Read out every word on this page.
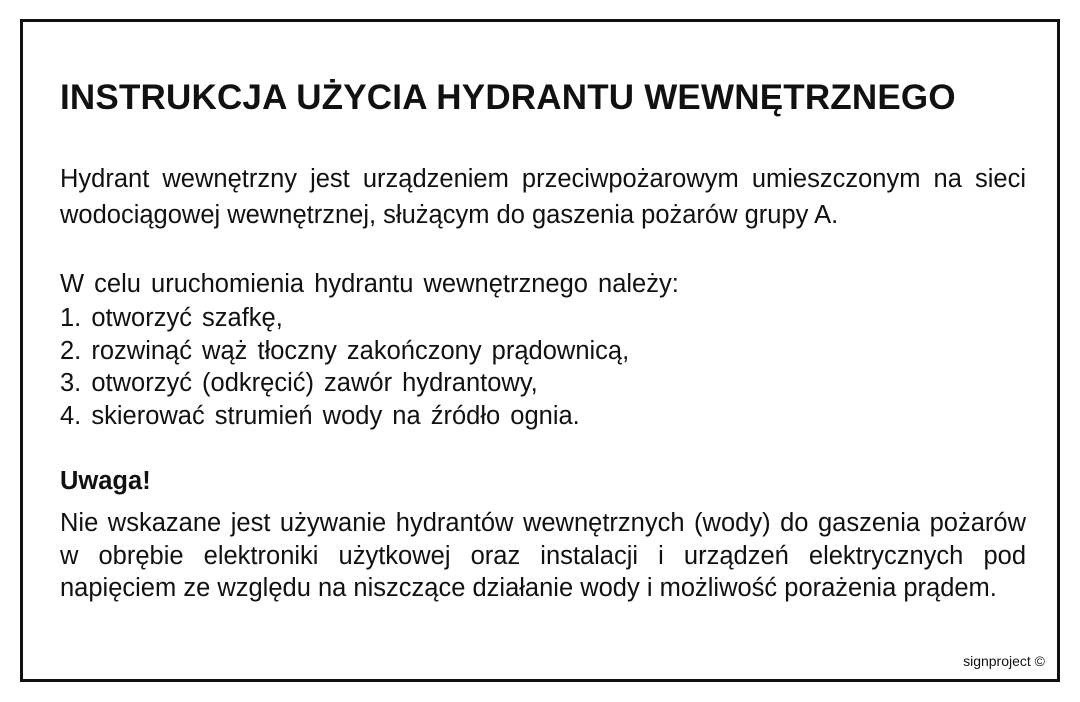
INSTRUKCJA UŻYCIA HYDRANTU WEWNĘTRZNEGO

Hydrant wewnętrzny jest urządzeniem przeciwpożarowym umieszczonym na sieci wodociągowej wewnętrznej, służącym do gaszenia pożarów grupy A.

W celu uruchomienia hydrantu wewnętrznego należy:

1. otworzyć szafkę,
2. rozwinąć wąż tłoczny zakończony prądownicą,
3. otworzyć (odkręcić) zawór hydrantowy,
4. skierować strumień wody na źródło ognia.
Uwaga!

Nie wskazane jest używanie hydrantów wewnętrznych (wody) do gaszenia pożarów w obrębie elektroniki użytkowej oraz instalacji i urządzeń elektrycznych pod napięciem ze względu na niszczące działanie wody i możliwość porażenia prądem.

signproject ©
